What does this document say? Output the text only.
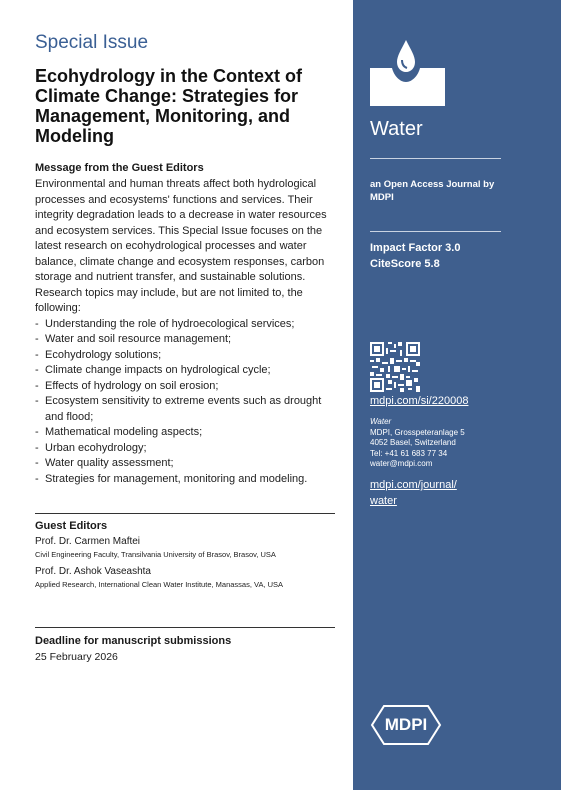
Special Issue
Ecohydrology in the Context of Climate Change: Strategies for Management, Monitoring, and Modeling
Message from the Guest Editors
Environmental and human threats affect both hydrological processes and ecosystems' functions and services. Their integrity degradation leads to a decrease in water resources and ecosystem services. This Special Issue focuses on the latest research on ecohydrological processes and water balance, climate change and ecosystem responses, carbon storage and nutrient transfer, and sustainable solutions. Research topics may include, but are not limited to, the following:
- Understanding the role of hydroecological services;
- Water and soil resource management;
- Ecohydrology solutions;
- Climate change impacts on hydrological cycle;
- Effects of hydrology on soil erosion;
- Ecosystem sensitivity to extreme events such as drought and flood;
- Mathematical modeling aspects;
- Urban ecohydrology;
- Water quality assessment;
- Strategies for management, monitoring and modeling.
Guest Editors
Prof. Dr. Carmen Maftei
Civil Engineering Faculty, Transilvania University of Brasov, Brasov, USA
Prof. Dr. Ashok Vaseashta
Applied Research, International Clean Water Institute, Manassas, VA, USA
Deadline for manuscript submissions
25 February 2026
Water
an Open Access Journal by MDPI
Impact Factor 3.0
CiteScore 5.8
mdpi.com/si/220008
Water
MDPI, Grosspeteranlage 5
4052 Basel, Switzerland
Tel: +41 61 683 77 34
water@mdpi.com
mdpi.com/journal/
water
MDPI
